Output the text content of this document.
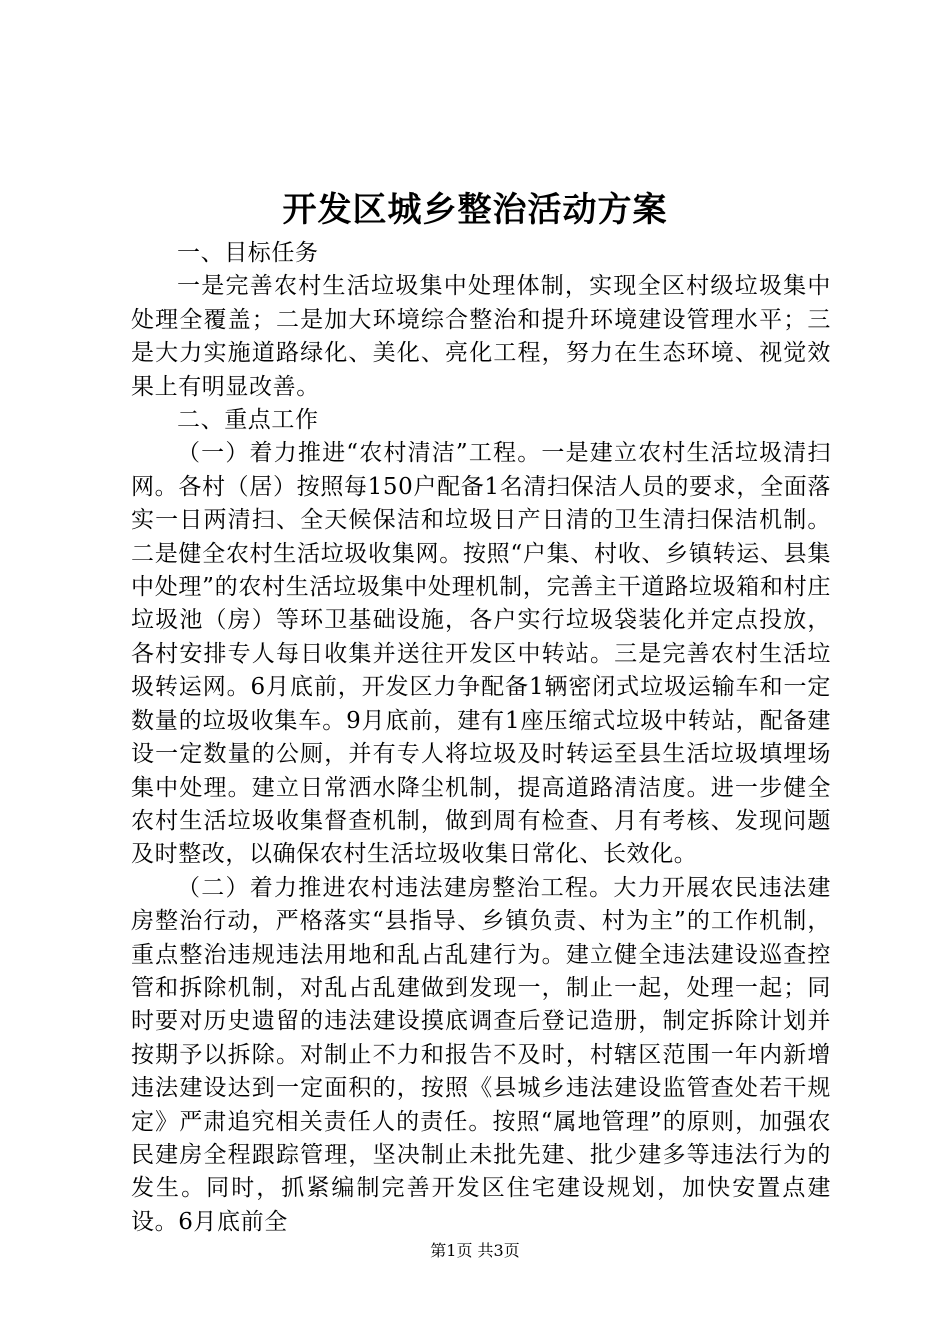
开发区城乡整治活动方案

一、目标任务

一是完善农村生活垃圾集中处理体制，实现全区村级垃圾集中处理全覆盖；二是加大环境综合整治和提升环境建设管理水平；三是大力实施道路绿化、美化、亮化工程，努力在生态环境、视觉效果上有明显改善。

二、重点工作

（一）着力推进“农村清洁”工程。一是建立农村生活垃圾清扫网。各村（居）按照每150户配备1名清扫保洁人员的要求，全面落实一日两清扫、全天候保洁和垃圾日产日清的卫生清扫保洁机制。二是健全农村生活垃圾收集网。按照“户集、村收、乡镇转运、县集中处理”的农村生活垃圾集中处理机制，完善主干道路垃圾箱和村庄垃圾池（房）等环卫基础设施，各户实行垃圾袋装化并定点投放，各村安排专人每日收集并送往开发区中转站。三是完善农村生活垃圾转运网。6月底前，开发区力争配备1辆密闭式垃圾运输车和一定数量的垃圾收集车。9月底前，建有1座压缩式垃圾中转站，配备建设一定数量的公厕，并有专人将垃圾及时转运至县生活垃圾填埋场集中处理。建立日常洒水降尘机制，提高道路清洁度。进一步健全农村生活垃圾收集督查机制，做到周有检查、月有考核、发现问题及时整改，以确保农村生活垃圾收集日常化、长效化。

（二）着力推进农村违法建房整治工程。大力开展农民违法建房整治行动，严格落实“县指导、乡镇负责、村为主”的工作机制，重点整治违规违法用地和乱占乱建行为。建立健全违法建设巡查控管和拆除机制，对乱占乱建做到发现一，制止一起，处理一起；同时要对历史遗留的违法建设摸底调查后登记造册，制定拆除计划并按期予以拆除。对制止不力和报告不及时，村辖区范围一年内新增违法建设达到一定面积的，按照《县城乡违法建设监管查处若干规定》严肃追究相关责任人的责任。按照“属地管理”的原则，加强农民建房全程跟踪管理，坚决制止未批先建、批少建多等违法行为的发生。同时，抓紧编制完善开发区住宅建设规划，加快安置点建设。6月底前全

第1页 共3页
